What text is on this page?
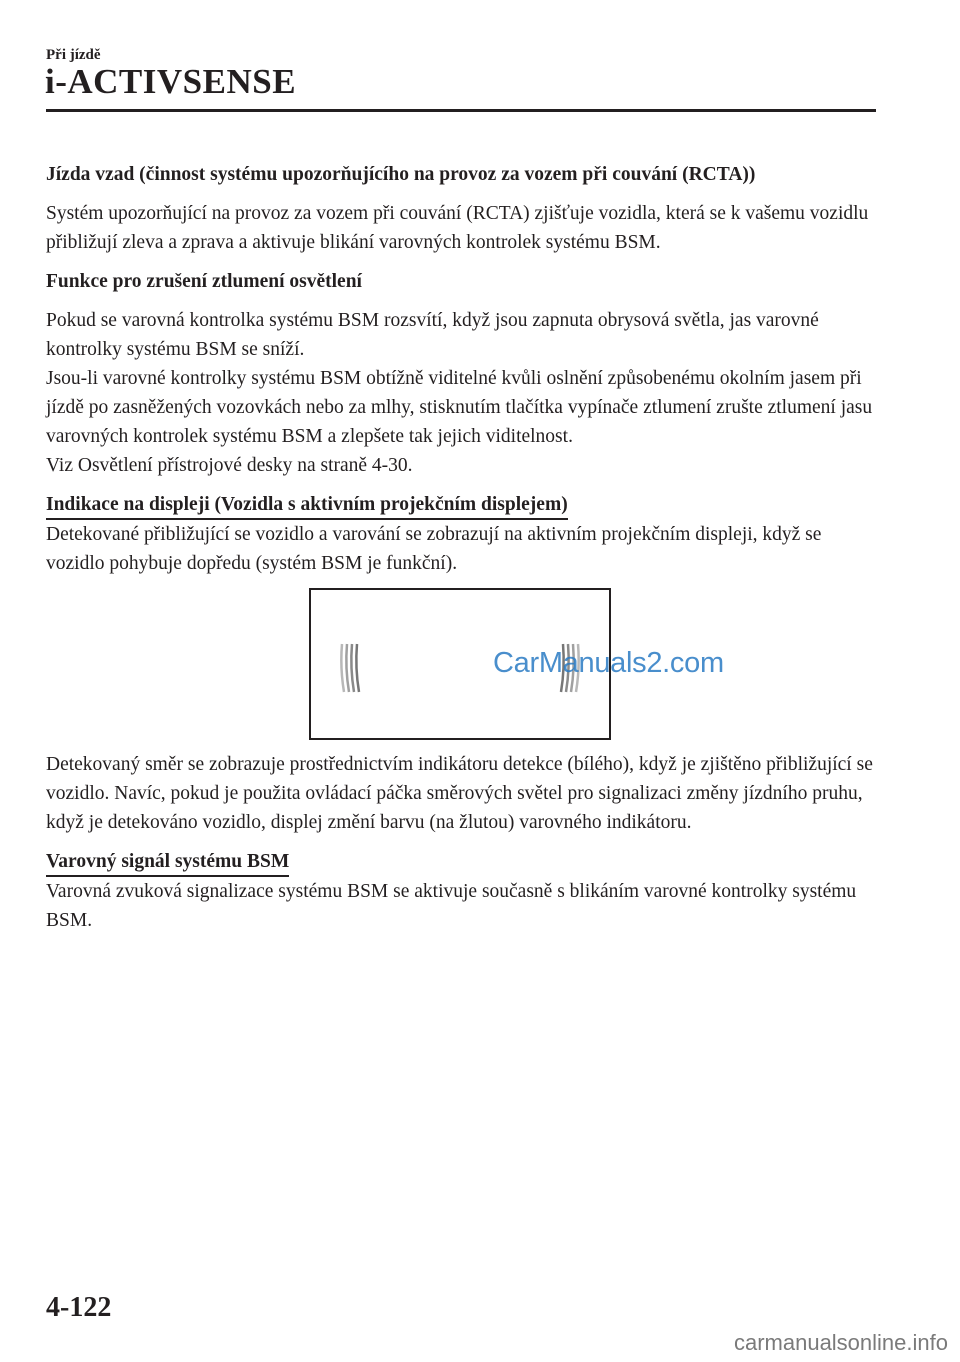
Při jízdě
i-ACTIVSENSE

Jízda vzad (činnost systému upozorňujícího na provoz za vozem při couvání (RCTA))

Systém upozorňující na provoz za vozem při couvání (RCTA) zjišťuje vozidla, která se k vašemu vozidlu přibližují zleva a zprava a aktivuje blikání varovných kontrolek systému BSM.

Funkce pro zrušení ztlumení osvětlení

Pokud se varovná kontrolka systému BSM rozsvítí, když jsou zapnuta obrysová světla, jas varovné kontrolky systému BSM se sníží.

Jsou-li varovné kontrolky systému BSM obtížně viditelné kvůli oslnění způsobenému okolním jasem při jízdě po zasněžených vozovkách nebo za mlhy, stisknutím tlačítka vypínače ztlumení zrušte ztlumení jasu varovných kontrolek systému BSM a zlepšete tak jejich viditelnost.

Viz Osvětlení přístrojové desky na straně 4-30.

Indikace na displeji (Vozidla s aktivním projekčním displejem)

Detekované přibližující se vozidlo a varování se zobrazují na aktivním projekčním displeji, když se vozidlo pohybuje dopředu (systém BSM je funkční).

CarManuals2.com

Detekovaný směr se zobrazuje prostřednictvím indikátoru detekce (bílého), když je zjištěno přibližující se vozidlo. Navíc, pokud je použita ovládací páčka směrových světel pro signalizaci změny jízdního pruhu, když je detekováno vozidlo, displej změní barvu (na žlutou) varovného indikátoru.

Varovný signál systému BSM

Varovná zvuková signalizace systému BSM se aktivuje současně s blikáním varovné kontrolky systému BSM.

4-122
carmanualsonline.info
